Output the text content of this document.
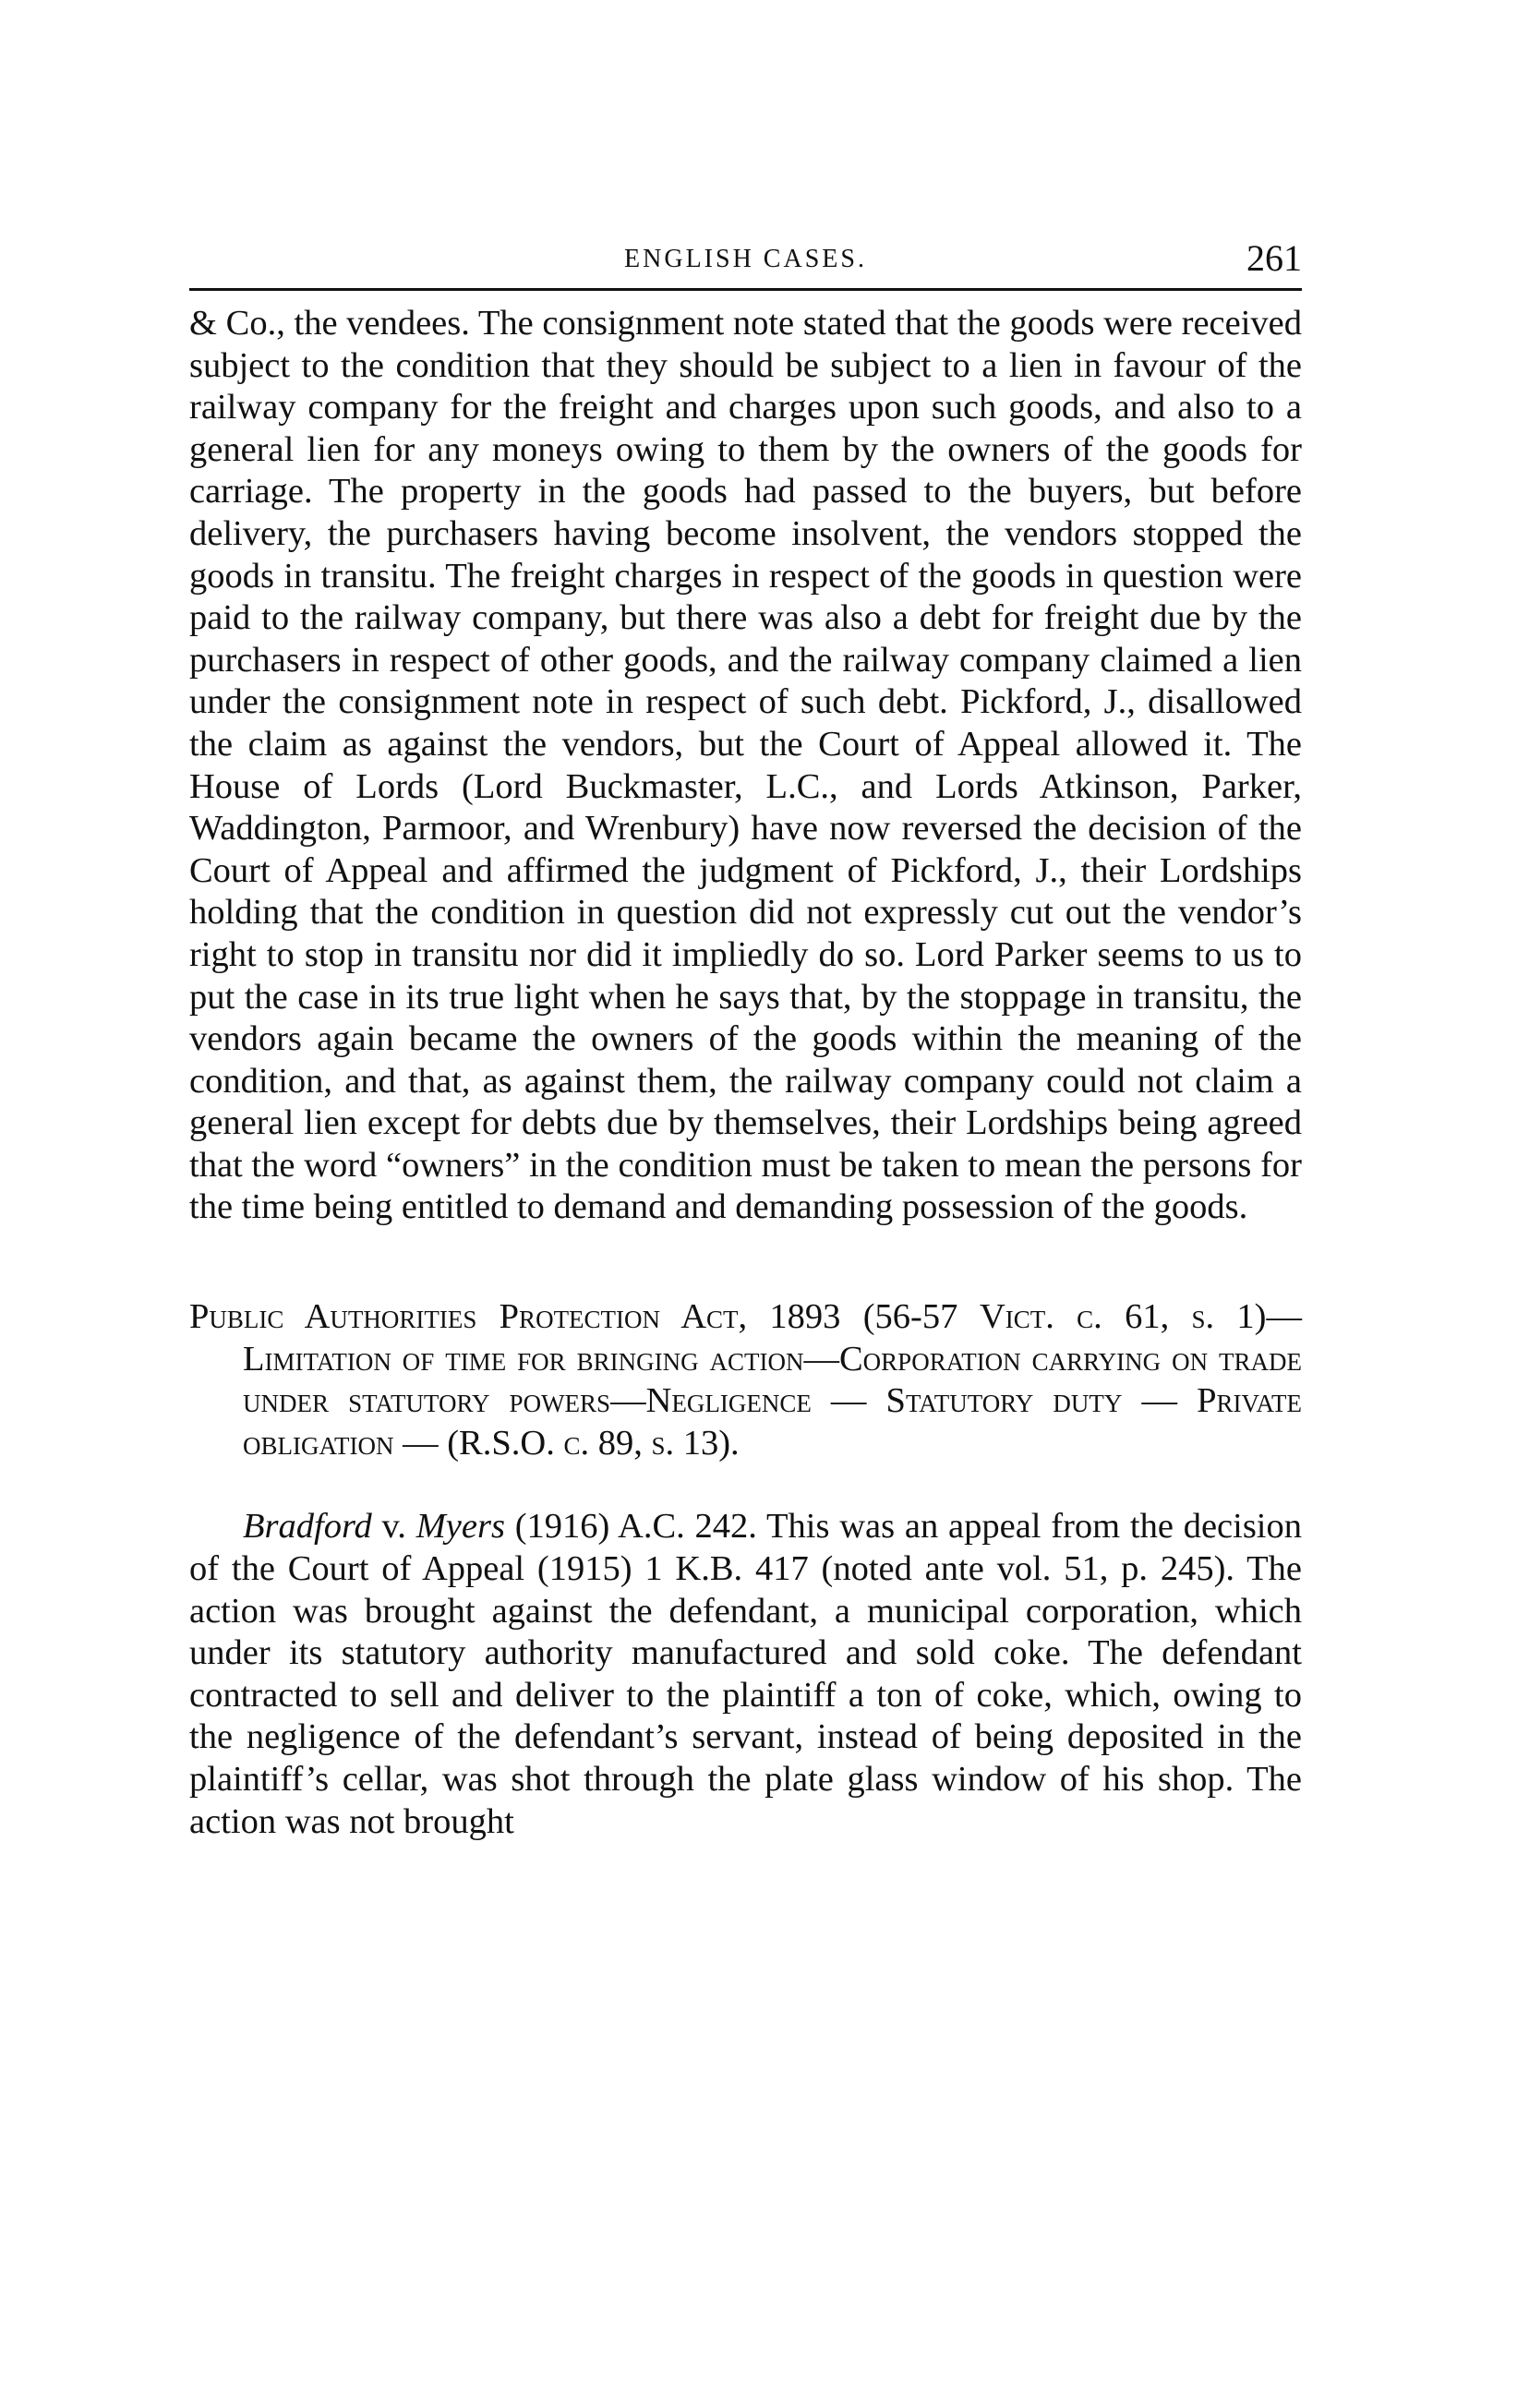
ENGLISH CASES.	261

& Co., the vendees. The consignment note stated that the goods were received subject to the condition that they should be subject to a lien in favour of the railway company for the freight and charges upon such goods, and also to a general lien for any moneys owing to them by the owners of the goods for carriage. The property in the goods had passed to the buyers, but before delivery, the purchasers having become insolvent, the vendors stopped the goods in transitu. The freight charges in respect of the goods in question were paid to the railway company, but there was also a debt for freight due by the purchasers in respect of other goods, and the railway company claimed a lien under the consignment note in respect of such debt. Pickford, J., disallowed the claim as against the vendors, but the Court of Appeal allowed it. The House of Lords (Lord Buckmaster, L.C., and Lords Atkinson, Parker, Waddington, Parmoor, and Wrenbury) have now reversed the decision of the Court of Appeal and affirmed the judgment of Pickford, J., their Lordships holding that the condition in question did not expressly cut out the vendor’s right to stop in transitu nor did it impliedly do so. Lord Parker seems to us to put the case in its true light when he says that, by the stoppage in transitu, the vendors again became the owners of the goods within the meaning of the condition, and that, as against them, the railway company could not claim a general lien except for debts due by themselves, their Lordships being agreed that the word “owners” in the condition must be taken to mean the persons for the time being entitled to demand and demanding possession of the goods.

Public Authorities Protection Act, 1893 (56-57 Vict. c. 61, s. 1)—Limitation of time for bringing action—Corporation carrying on trade under statutory powers—Negligence — Statutory duty — Private obligation — (R.S.O. c. 89, s. 13).

Bradford v. Myers (1916) A.C. 242. This was an appeal from the decision of the Court of Appeal (1915) 1 K.B. 417 (noted ante vol. 51, p. 245). The action was brought against the defendant, a municipal corporation, which under its statutory authority manufactured and sold coke. The defendant contracted to sell and deliver to the plaintiff a ton of coke, which, owing to the negligence of the defendant’s servant, instead of being deposited in the plaintiff’s cellar, was shot through the plate glass window of his shop. The action was not brought
